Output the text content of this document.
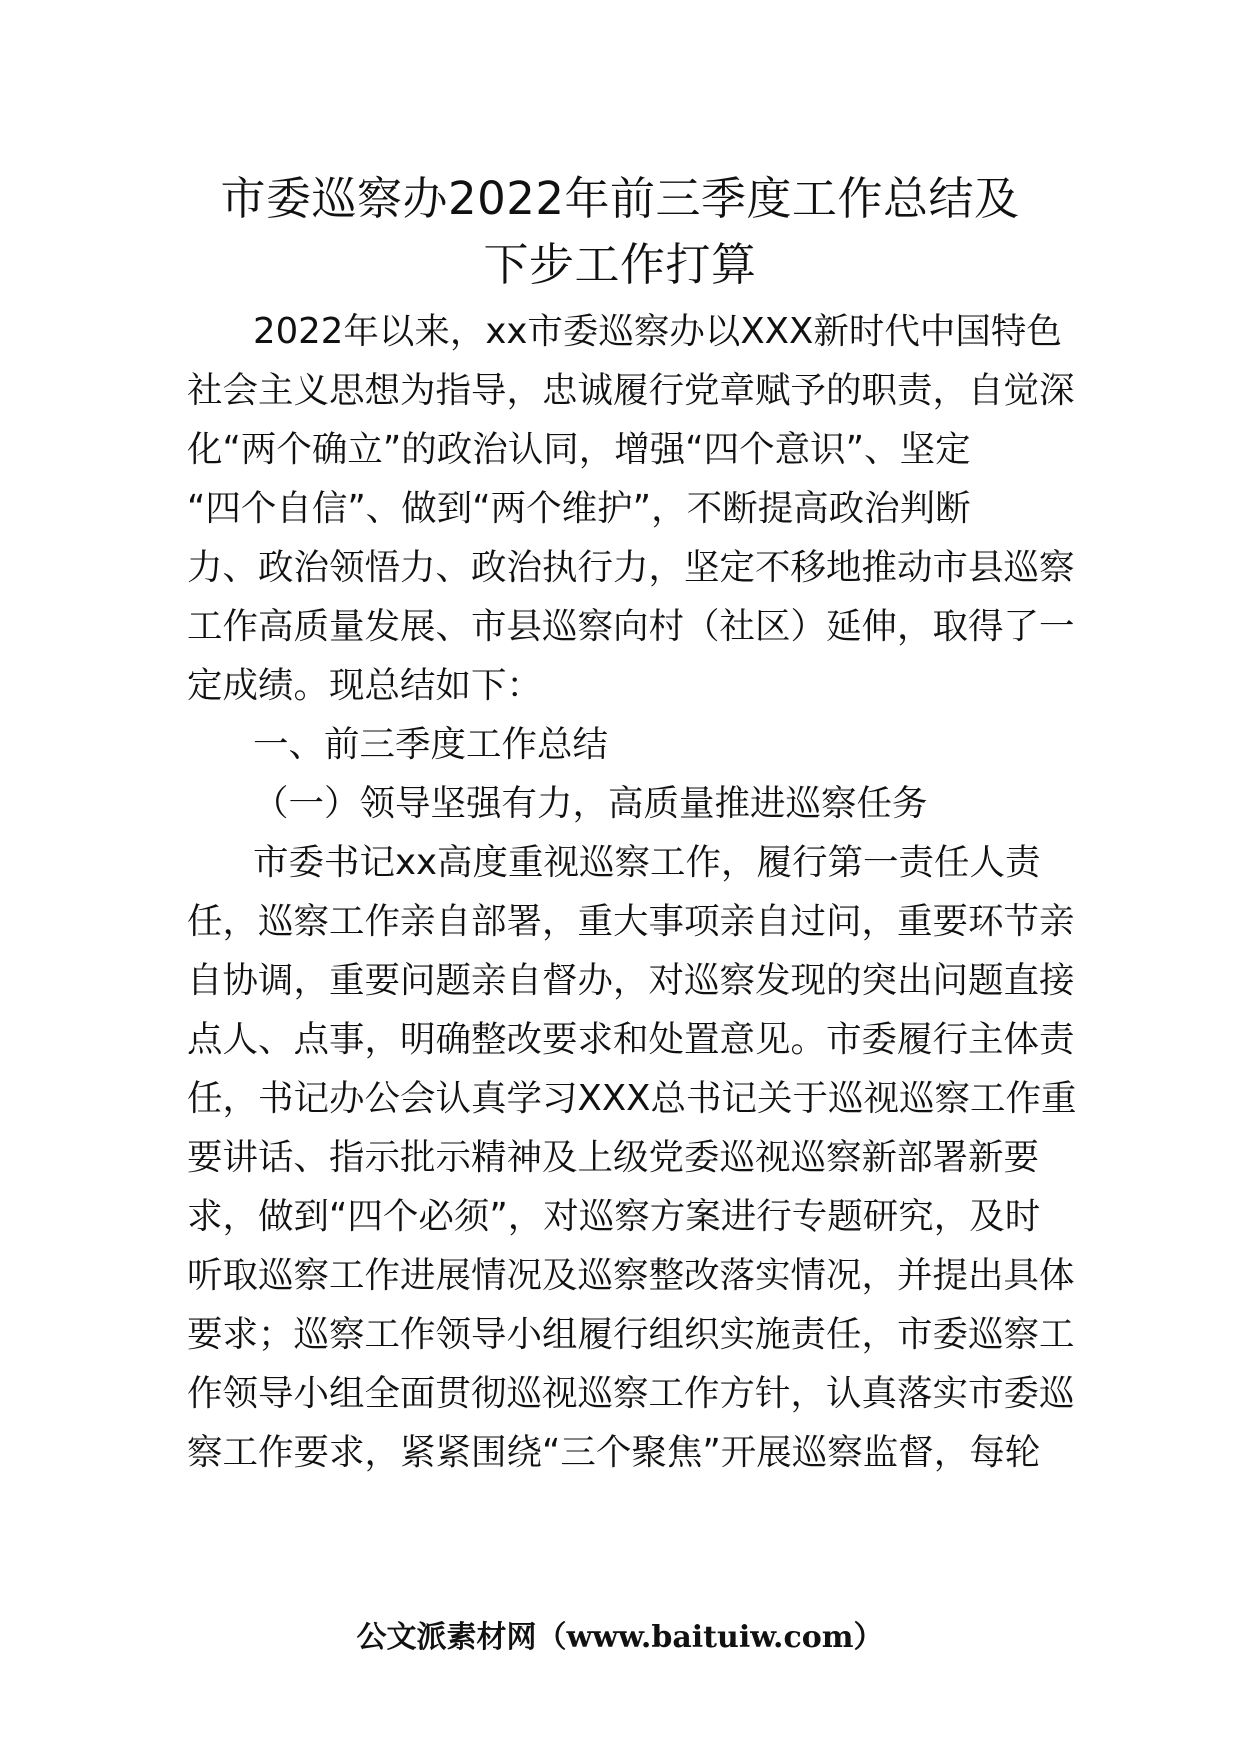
市委巡察办2022年前三季度工作总结及
下步工作打算
2022年以来，xx市委巡察办以XXX新时代中国特色
社会主义思想为指导，忠诚履行党章赋予的职责，自觉深
化“两个确立”的政治认同，增强“四个意识”、坚定
“四个自信”、做到“两个维护”，不断提高政治判断
力、政治领悟力、政治执行力，坚定不移地推动市县巡察
工作高质量发展、市县巡察向村（社区）延伸，取得了一
定成绩。现总结如下：
一、前三季度工作总结
（一）领导坚强有力，高质量推进巡察任务
市委书记xx高度重视巡察工作，履行第一责任人责
任，巡察工作亲自部署，重大事项亲自过问，重要环节亲
自协调，重要问题亲自督办，对巡察发现的突出问题直接
点人、点事，明确整改要求和处置意见。市委履行主体责
任，书记办公会认真学习XXX总书记关于巡视巡察工作重
要讲话、指示批示精神及上级党委巡视巡察新部署新要
求，做到“四个必须”，对巡察方案进行专题研究，及时
听取巡察工作进展情况及巡察整改落实情况，并提出具体
要求；巡察工作领导小组履行组织实施责任，市委巡察工
作领导小组全面贯彻巡视巡察工作方针，认真落实市委巡
察工作要求，紧紧围绕“三个聚焦”开展巡察监督，每轮
公文派素材网（www.baituiw.com）
